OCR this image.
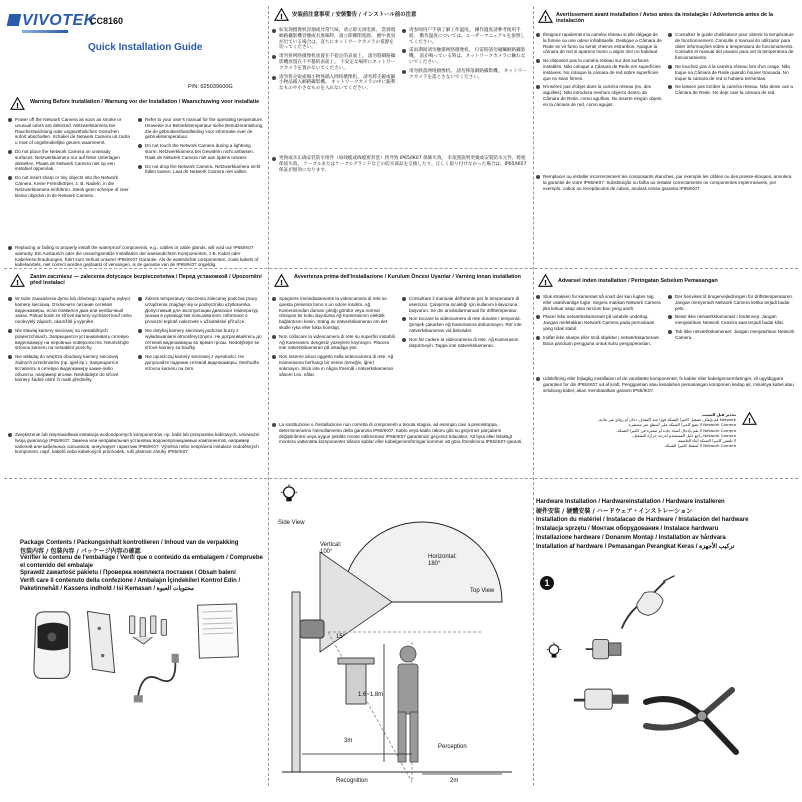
VIVOTEK
CC8160
Quick Installation Guide
P/N: 625039600G
! Warning Before Installation / Warnung vor der Installation / Waarschuwing voor installatie
Power off the Network Camera as soon as smoke or unusual odors are detected. Netzwerkkamera bei Rauchentwicklung oder ungewöhnlichen Gerüchen sofort abschalten. Schakel de Netwerk Camera uit zodra u rook of ongebruikelijke geuren waarneemt.
Do not place the Network Camera on unsteady surfaces. Netzwerkkamera nur auf feste Unterlagen abstellen. Plaats de Netwerk Camera niet op een instabiel oppervlak.
Do not insert sharp or tiny objects into the Network Camera. Keine Fremdkörper, z. B. Nadeln, in die Netzwerkkamera einführen. Steek geen scherpe of zeer kleine objecten in de Netwerk Camera.
Refer to your user's manual for the operating temperature. Hinweise zur Betriebstemperatur siehe Benutzeranleitung. Zie de gebruikershandleiding voor informatie over de gebruikstemperatuur.
Do not touch the Network Camera during a lightning storm. Netzwerkkamera bei Gewittern nicht anfassen. Raak de Netwerk Camera niet aan tijdens onweer.
Do not drop the Network Camera. Netzwerkkamera nicht fallen lassen. Laat de Netwerk Camera niet vallen.
Replacing or failing to properly install the waterproof components, e.g., cables or cable glands, will void our IP65/IK07 warranty. Ein Austausch oder die unsachgemäße Installation der wasserdichten Komponenten, z.B. Kabel oder Kabelverschraubungen, führt zum Verlust unserer IP65/IK07 Garantie. Als de waterdichte componenten, zoals kabels of kabelwartels, niet correct worden geplaatst of vervangen, is de garantie van de IP65/IK07 ongeldig.
! 安装前注意事项 / 安裝警告 / インストール前の注意
如发现摄像机冒烟或异常气味，请立即关闭电源。 當發現網路攝影機冒煙或有異味時，請立即關閉電源。 煙や異臭が出ている場合は、直ちにネットワークカメラの電源を切ってください。
请勿将网络摄像机放置在不稳定的表面上。 請勿將網路攝影機放置在不平穩的表面上。 不安定な場所にネットワークカメラを置かないでください。
请勿将尖锐或细小物体插入网络摄像机。 請勿將尖銳或細小物品插入網路攝影機。 ネットワークカメラの中に鋭利なものや小さなものを入れないでください。
请参阅用户手册了解工作温度。 操作溫度請參考使用手冊。 動作温度については、ユーザーマニュアルを参照してください。
雷雨期间请勿触摸网络摄像机。 打雷時請勿碰觸網路攝影機。 雷が鳴っている時は、ネットワークカメラに触れないでください。
请勿跌落网络摄像机。 請勿摔落網路攝影機。 ネットワークカメラを落とさないでください。
更换或未正确安装防水组件（如线缆或线缆密封套）将导致 IP65/IK07 保修失效。 未依照說明更換或安裝防水元件，將使保固失效。 ケーブルまたはケーブルグランドなどの防水部品を交換したり、正しく取り付けなかった場合は、IP65/IK07 保証が無効になります。
! Avertissement avant installation / Aviso antes da instalação / Advertencia antes de la instalación
Éteignez rapidement la caméra réseau si elle dégage de la fumée ou une odeur inhabituelle. Desligue a Câmara de Rede se vir fumo ou sentir cheiros estranhos. Apague la cámara de red si aparece humo u algún olor no habitual.
Ne disposez pas la caméra réseau sur des surfaces instables. Não coloque a Câmara de Rede em superfícies instáveis. No coloque la cámara de red sobre superficies que no sean firmes.
N'insérez pas d'objet dans la caméra réseau (ex. des aiguilles). Não introduza nenhum objecto dentro da Câmara de Rede, como agulhas. No inserte ningún objeto en la cámara de red, como agujas.
Consultez le guide d'utilisateur pour obtenir la température de fonctionnement. Consulte o manual do utilizador para obter informações sobre a temperatura de funcionamento. Consulte el manual del usuario para ver la temperatura de funcionamiento.
Ne touchez pas à la caméra réseau lors d'un orage. Não toque na Câmara de Rede quando houver trovoada. No toque la cámara de red si hubiera tormentas.
Ne laissez pas tomber la caméra réseau. Não deixe cair a Câmara de Rede. No deje caer la cámara de red.
Remplacer ou installer incorrectement les composants étanches, par exemple les câbles ou des presse-étoupes, annulera la garantie de votre IP65/IK07. Substituição ou falha ao instalar correctamente os componentes impermeáveis, por exemplo, cabos ou receptáculos de cabos, anulará nossa garantia IP65/IK07.
!
Zanim zaczniesz — zalecenia dotyczące bezpieczeństwa / Перед установкой / Upozornění před instalací
W razie zauważenia dymu lub dziwnego zapachu wyłącz kamerę sieciową. Отключите питание сетевой видеокамеры, если появился дым или необычный запах. Pokud bude ze síťové kamery vycházet kouř nebo neobvyklý zápach, okamžitě ji vypněte.
Nie stawiaj kamery sieciowej na niestabilnych powierzchniach. Запрещается устанавливать сетевую видеокамеру на неровных поверхностях. Neumisťujte síťovou kameru na nestabilní povrchy.
Nie wkładaj do wnętrza obudowy kamery sieciowej żadnych przedmiotów (np. igieł itp.). Запрещается вставлять в сетевую видеокамеру какие-либо объекты, например иголки. Nevkládejte do síťové kamery žádné ostré či malé předměty.
Zakres temperatury otoczenia zalecanej podczas pracy urządzenia znajduje się w podręczniku użytkownika. Допустимый для эксплуатации диапазон температур указан в руководстве пользователя. Informace o provozní teplotě naleznete v uživatelské příručce.
Nie dotykaj kamery sieciowej podczas burzy z wyładowaniami atmosferycznymi. Не дотрагивайтесь до сетевой видеокамеры во время грозы. Nedotýkejte se síťové kamery za bouřky.
Nie upuszczaj kamery sieciowej z wysokości. Не допускайте падения сетевой видеокамеры. Neshoďte síťovou kameru na zem.
Zwiększenie lub nieprawidłowa instalacja wodoodpornych komponentów, np. kabli lub przepustów kablowych, unieważni twoją gwarancję IP65/IK07. Замена или неправильная установка водонепроницаемых компонентов, например кабелей или кабельных сальников, аннулирует гарантию IP65/IK07. Výměna nebo nesprávná instalace vodotěsných komponent, např. kabelů nebo kabelových průchodek, ruší platnost záruky IP65/IK07.
!
Avvertenza prima dell'installazione / Kurulum Öncesi Uyarılar / Varning innan installation
Spegnere immediatamente la videocamera di rete se questa presenta fumo o un odore insolito. Ağ Kamerasından duman çıktığı görülür veya normal olmayan bir koku duyulursa Ağ Kamerasının elektrik bağlantısını kesin. Stäng av nätverkskameran om det skulle ryka eller lukta konstigt.
Non collocare la videocamera di rete su superfici instabili. Ağ Kamerasını dengesiz yüzeylere koymayın. Placera inte nätverkskameran på ostadiga ytor.
Non inserire alcun oggetto nella videocamera di rete. Ağ Kamerasına herhangi bir nesne (örneğin, iğne) sokmayın. Stick inte in några föremål i nätverkskameran såsom t.ex. nålar.
Consultare il manuale dell'utente per le temperature di esercizio. Çalışırma sıcaklığı için kullanım kılavuzuna başvurun. Se din användarmanual för drifttemperatur.
Non toccare la videocamera di rete durante i temporali. Şimşek çakarken Ağ Kamerasına dokunmayın. Rör inte nätverkskameran vid åskväder.
Non far cadere la videocamera di rete. Ağ Kamerasını düşürmeyin. Tappa inte nätverkskameran.
La sostituzione o l'installazione non corretta di componenti a tenuta stagna, ad esempio cavi o premistoppa, determineranno l'annullamento della garanzia IP65/IK07. Kablo veya kablo rakoru gibi su geçirmez parçaların değiştirilmesi veya uygun şekilde monte edilmemesi IP65/IK07 garantimizi geçersiz kılacaktır. Att byta eller felaktigt montera vattentäta komponenter såsom kablar eller kabelgenomföringar kommer att göra föreskrivna IP65/IK07-garanti.
! Advarsel inden installation / Peringatan Sebelum Pemasangan
Sluk straksen for kameraet så snart der kan lugtes røg eller usædvanlige lugte. Segera matikan Network Camera jika keluar asap atau tercium bau yang aneh.
Placer ikke netværkskameraet på ustabile underlag. Jangan meletakkan Network Camera pada permukaan yang tidak stabil.
Indfør ikke skarpe eller små objekter i netværkskameraet. Baca panduan pengguna untuk suhu pengoperasian.
Der henvises til brugervejledningen for driftstemperaturen. Jangan menyentuh Network Camera ketika terjadi badai petir.
Berør ikke netværkskameraet i tordenvejr. Jangan menjatuhkan Network Camera saat terjadi badai kilat.
Tab ikke netværkskameraet. Jangan menjatuhkan Network Camera.
Udskiftning eller fejlagtig installation af de vandtætte komponenter, fx kabler eller kabelgennemføringer, vil ugyldiggøre garantien for din IP65/IK07 ud af kraft. Penggantian atau kesalahan pemasangan komponen kedap air, misalnya kabel atau selubung kabel, akan membatalkan garansi IP65/IK07.
تحذير قبل التثبيت
Network قم بإيقاف تشغيل كاميرا الشبكة فورًا عند اكتشاف دخان أو روائح غير عادية.
Network Camera لا تضع كاميرا الشبكة على أسطح غير مستقرة.
Network Camera لا تقم بإدخال أشياء حادة أو صغيرة في كاميرا الشبكة.
Network Camera راجع دليل المستخدم لدرجة حرارة التشغيل.
لا تلمس كاميرا الشبكة أثناء العاصفة.
Network Camera لا تُسقط كاميرا الشبكة.
!
Package Contents / Packungsinhalt kontrollieren / Inhoud van de verpakking
包装内容 / 包裝內容 / パッケージ内容の確認
Vérifier le contenu de l'emballage / Verifi que o conteúdo da embalagem / Compruebe el contenido del embalaje
Sprawdź zawartość pakietu / Проверка комплекта поставки / Obsah balení
Verifi care il contenuto della confezione / Ambalajın İçindekileri Kontrol Edin / Paketinnehåll / Kassens indhold / Isi Kemasan / محتويات العبوة
Side View
Vertical:
100°
Horizontal:
180°
Top View
15°
1.6~1.8m
3m
Recognition
Perception
2m
Hardware Installation / Hardwareinstallation / Hardware installeren
硬件安装 / 硬體安裝 / ハードウェア・インストレーション
Installation du matériel / Instalacao de Hardware / Instalación del hardware
Instalacja sprzętu / Монтаж оборудования / Instalace hardwaru
Installazione hardware / Donanım Montajı / Installation av hårdvara
Installation af hardware / Pemasangan Perangkat Keras / تركيب الأجهزة
1
